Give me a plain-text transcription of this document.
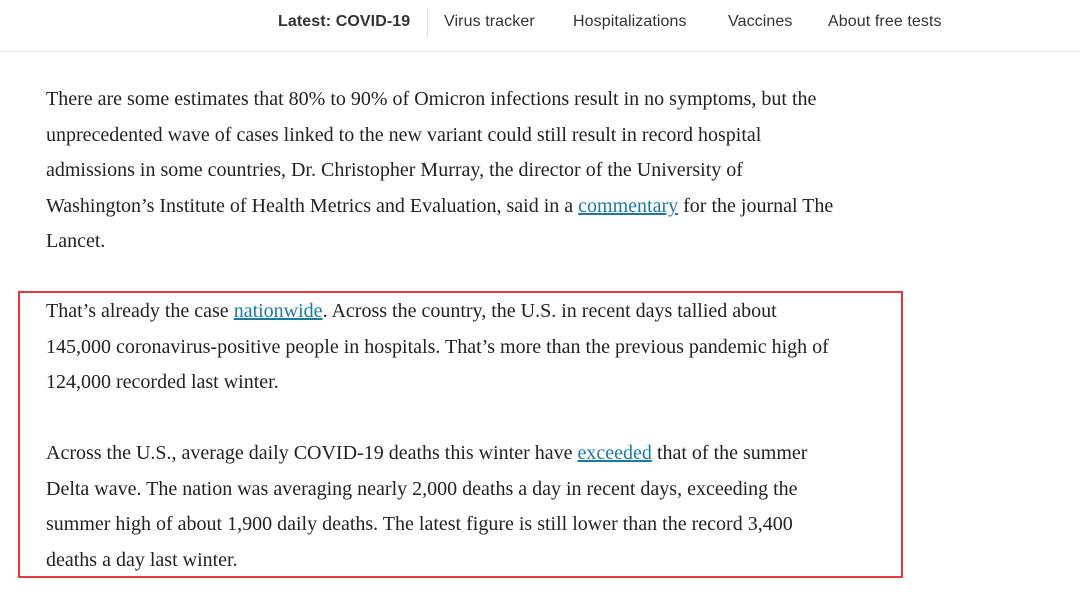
Latest: COVID-19 Virus tracker Hospitalizations	Vaccines About free tests

There are some estimates that 80% to 90% of Omicron infections result in no symptoms, but the unprecedented wave of cases linked to the new variant could still result in record hospital admissions in some countries, Dr. Christopher Murray, the director of the University of Washington’s Institute of Health Metrics and Evaluation, said in a commentary for the journal The Lancet.

That’s already the case nationwide. Across the country, the U.S. in recent days tallied about 145,000 coronavirus-positive people in hospitals. That’s more than the previous pandemic high of 124,000 recorded last winter.

Across the U.S., average daily COVID-19 deaths this winter have exceeded that of the summer Delta wave. The nation was averaging nearly 2,000 deaths a day in recent days, exceeding the summer high of about 1,900 daily deaths. The latest figure is still lower than the record 3,400 deaths a day last winter.
